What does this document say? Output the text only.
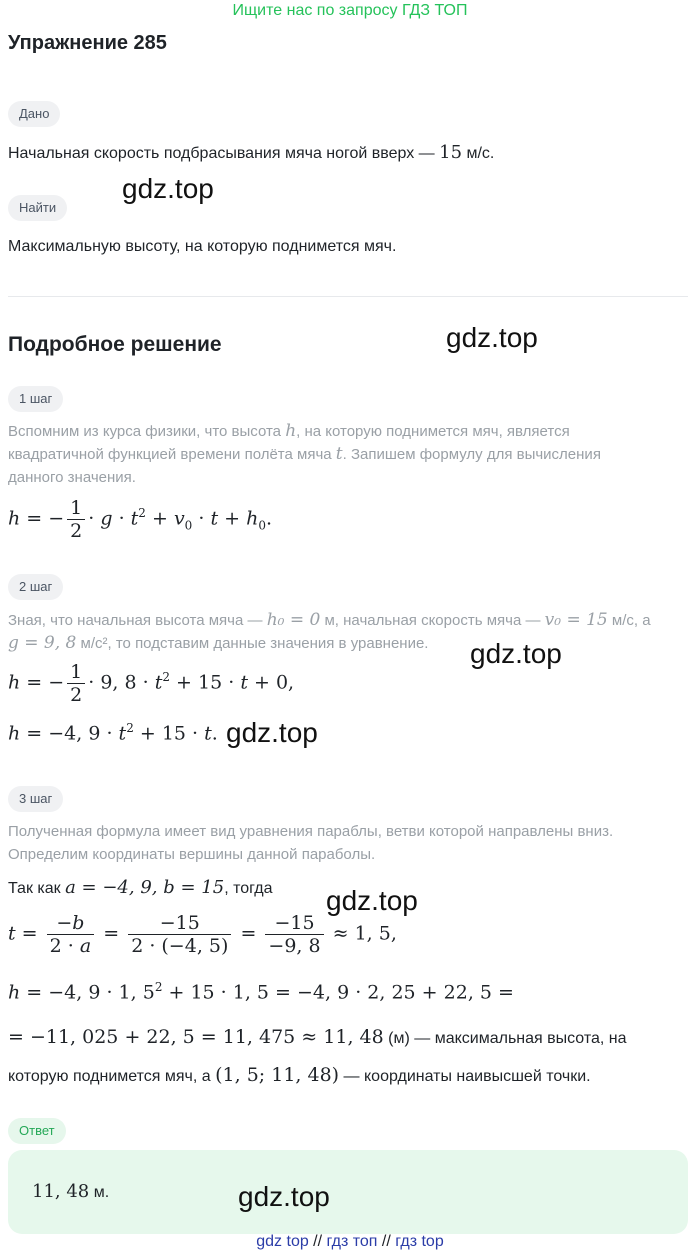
Ищите нас по запросу ГДЗ ТОП
Упражнение 285
Дано
Начальная скорость подбрасывания мяча ногой вверх — 15 м/с.
Найти
gdz.top
Максимальную высоту, на которую поднимется мяч.
Подробное решение	gdz.top
1 шаг
Вспомним из курса физики, что высота h, на которую поднимется мяч, является
квадратичной функцией времени полёта мяча t. Запишем формулу для вычисления
данного значения.
h = − $\frac{1}{2} \cdot g \cdot t^2 + v_0 \cdot t + h_0$.
2 шаг
Зная, что начальная высота мяча — h₀ = 0 м, начальная скорость мяча — v₀ = 15 м/с, а
g = 9, 8 м/с², то подставим данные значения в уравнение.	gdz.top
h = − $\frac{1}{2} \cdot 9$, $8 \cdot t^2 + 15 \cdot t + 0$,
h = −4, $9 \cdot t^2 + 15 \cdot t$. gdz.top
3 шаг
Полученная формула имеет вид уравнения параблы, ветви которой направлены вниз.
Определим координаты вершины данной параболы.
Так как a = −4, 9, b = 15, тогда gdz.top
$t = \frac{-b}{2 \cdot a} = \frac{-15}{2 \cdot (-4, 5)} = \frac{-15}{-9, 8} \approx 1$, 5,
h = −4, 9 · 1, $5^2 + 15 \cdot 1$, 5 = −4, 9 · 2, 25 + 22, 5 =
= −11, 025 + 22, 5 = 11, 475 ≈ 11, 48 (м) — максимальная высота, на
которую поднимется мяч, а (1, 5; 11, 48) — координаты наивысшей точки.
Ответ
11, 48 м.	gdz.top
gdz top // гдз топ // гдз top
